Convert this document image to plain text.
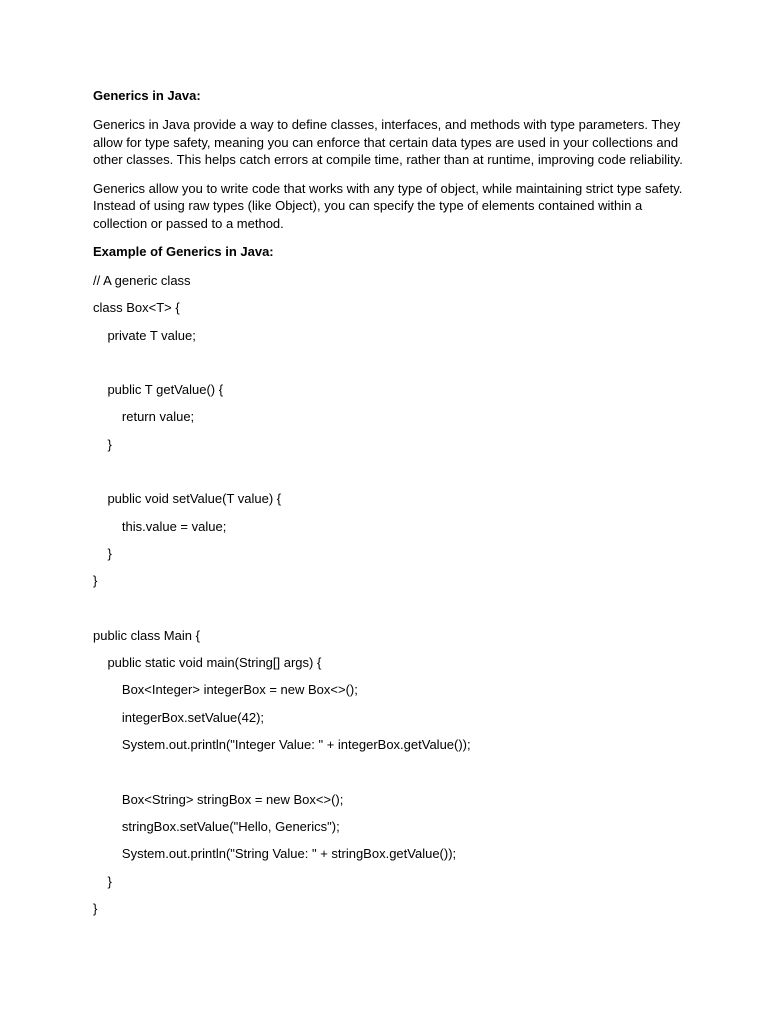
Generics in Java:

Generics in Java provide a way to define classes, interfaces, and methods with type parameters. They allow for type safety, meaning you can enforce that certain data types are used in your collections and other classes. This helps catch errors at compile time, rather than at runtime, improving code reliability.

Generics allow you to write code that works with any type of object, while maintaining strict type safety. Instead of using raw types (like Object), you can specify the type of elements contained within a collection or passed to a method.

Example of Generics in Java:
// A generic class
class Box<T> {
private T value;
public T getValue() {
return value;
}
public void setValue(T value) {
this.value = value;
}
}
public class Main {
public static void main(String[] args) {
Box<Integer> integerBox = new Box<>();
integerBox.setValue(42);
System.out.println("Integer Value: " + integerBox.getValue());
Box<String> stringBox = new Box<>();
stringBox.setValue("Hello, Generics");
System.out.println("String Value: " + stringBox.getValue());
}
}
